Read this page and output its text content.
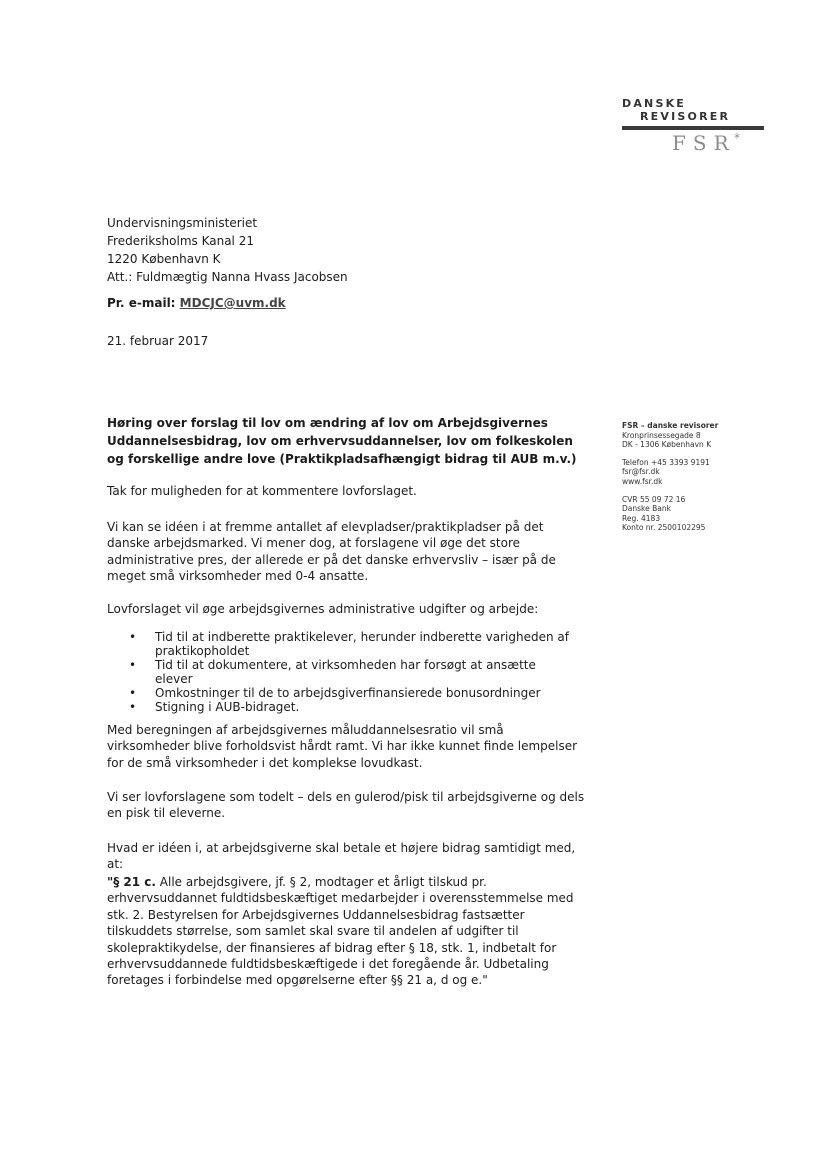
DANSKE
REVISORER
FSR
*
Undervisningsministeriet
Frederiksholms Kanal 21
1220 København K
Att.: Fuldmægtig Nanna Hvass Jacobsen
Pr. e-mail: MDCJC@uvm.dk
21. februar 2017
Høring over forslag til lov om ændring af lov om Arbejdsgivernes Uddannelsesbidrag, lov om erhvervsuddannelser, lov om folkeskolen og forskellige andre love (Praktikpladsafhængigt bidrag til AUB m.v.)
Tak for muligheden for at kommentere lovforslaget.
Vi kan se idéen i at fremme antallet af elevpladser/praktikpladser på det danske arbejdsmarked. Vi mener dog, at forslagene vil øge det store administrative pres, der allerede er på det danske erhvervsliv – især på de meget små virksomheder med 0-4 ansatte.
Lovforslaget vil øge arbejdsgivernes administrative udgifter og arbejde:
• Tid til at indberette praktikelever, herunder indberette varigheden af praktikopholdet
• Tid til at dokumentere, at virksomheden har forsøgt at ansætte elever
• Omkostninger til de to arbejdsgiverfinansierede bonusordninger
• Stigning i AUB-bidraget.
Med beregningen af arbejdsgivernes måluddannelsesratio vil små virksomheder blive forholdsvist hårdt ramt. Vi har ikke kunnet finde lempelser for de små virksomheder i det komplekse lovudkast.
Vi ser lovforslagene som todelt – dels en gulerod/pisk til arbejdsgiverne og dels en pisk til eleverne.
Hvad er idéen i, at arbejdsgiverne skal betale et højere bidrag samtidigt med, at:
"§ 21 c. Alle arbejdsgivere, jf. § 2, modtager et årligt tilskud pr. erhvervsuddannet fuldtidsbeskæftiget medarbejder i overensstemmelse med stk. 2. Bestyrelsen for Arbejdsgivernes Uddannelsesbidrag fastsætter tilskuddets størrelse, som samlet skal svare til andelen af udgifter til skolepraktikydelse, der finansieres af bidrag efter § 18, stk. 1, indbetalt for erhvervsuddannede fuldtidsbeskæftigede i det foregående år. Udbetaling foretages i forbindelse med opgørelserne efter §§ 21 a, d og e."
FSR – danske revisorer
Kronprinsessegade 8
DK - 1306 København K
Telefon +45 3393 9191
fsr@fsr.dk
www.fsr.dk
CVR 55 09 72 16
Danske Bank
Reg. 4183
Konto nr. 2500102295
